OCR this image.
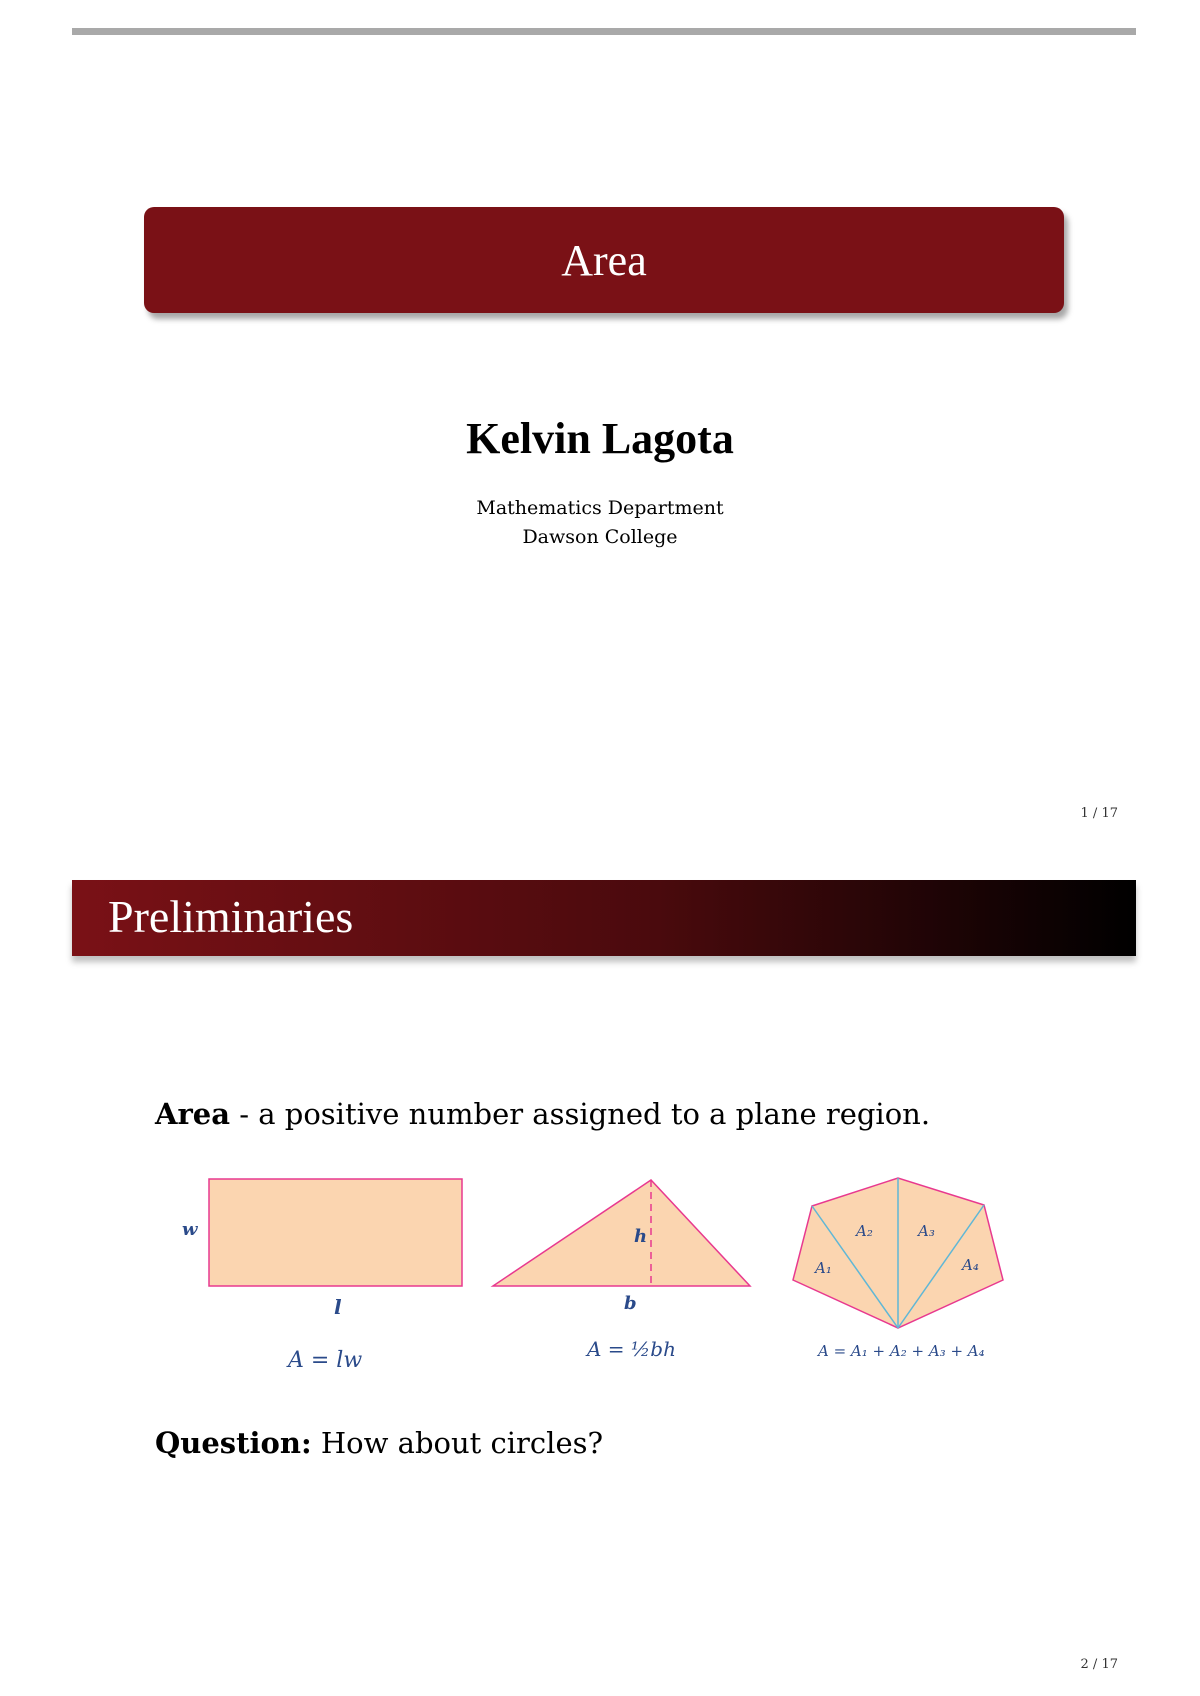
Area
Kelvin Lagota
Mathematics Department
Dawson College
1 / 17
Preliminaries
Area - a positive number assigned to a plane region.
w
l
A = lw
h
b
A = ½bh
A₁
A₂	A₃
A₄
A = A₁ + A₂ + A₃ + A₄
Question: How about circles?
2 / 17
